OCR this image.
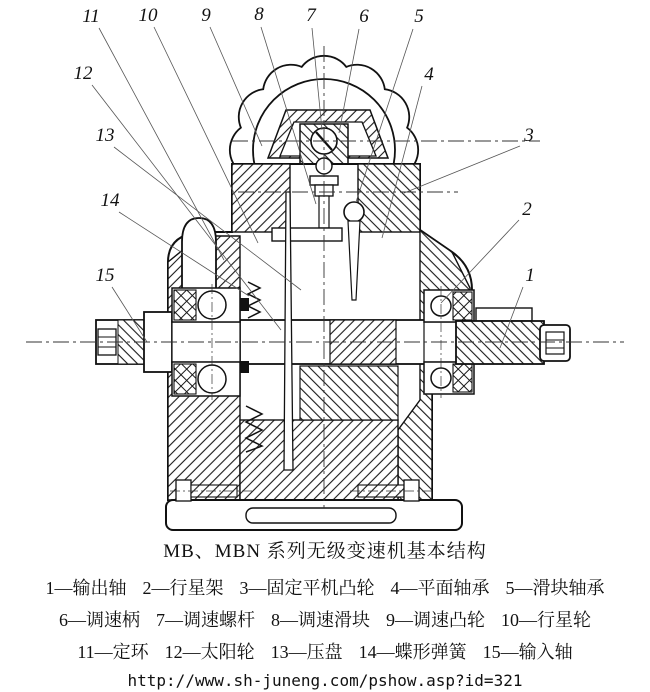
1
2
3
4
5
6
7
8
9
10
11
12
13
14
15
MB、MBN 系列无级变速机基本结构
1—输出轴 2—行星架 3—固定平机凸轮 4—平面轴承 5—滑块轴承
6—调速柄 7—调速螺杆 8—调速滑块 9—调速凸轮 10—行星轮
11—定环 12—太阳轮 13—压盘 14—蝶形弹簧 15—输入轴
http://www.sh-juneng.com/pshow.asp?id=321
